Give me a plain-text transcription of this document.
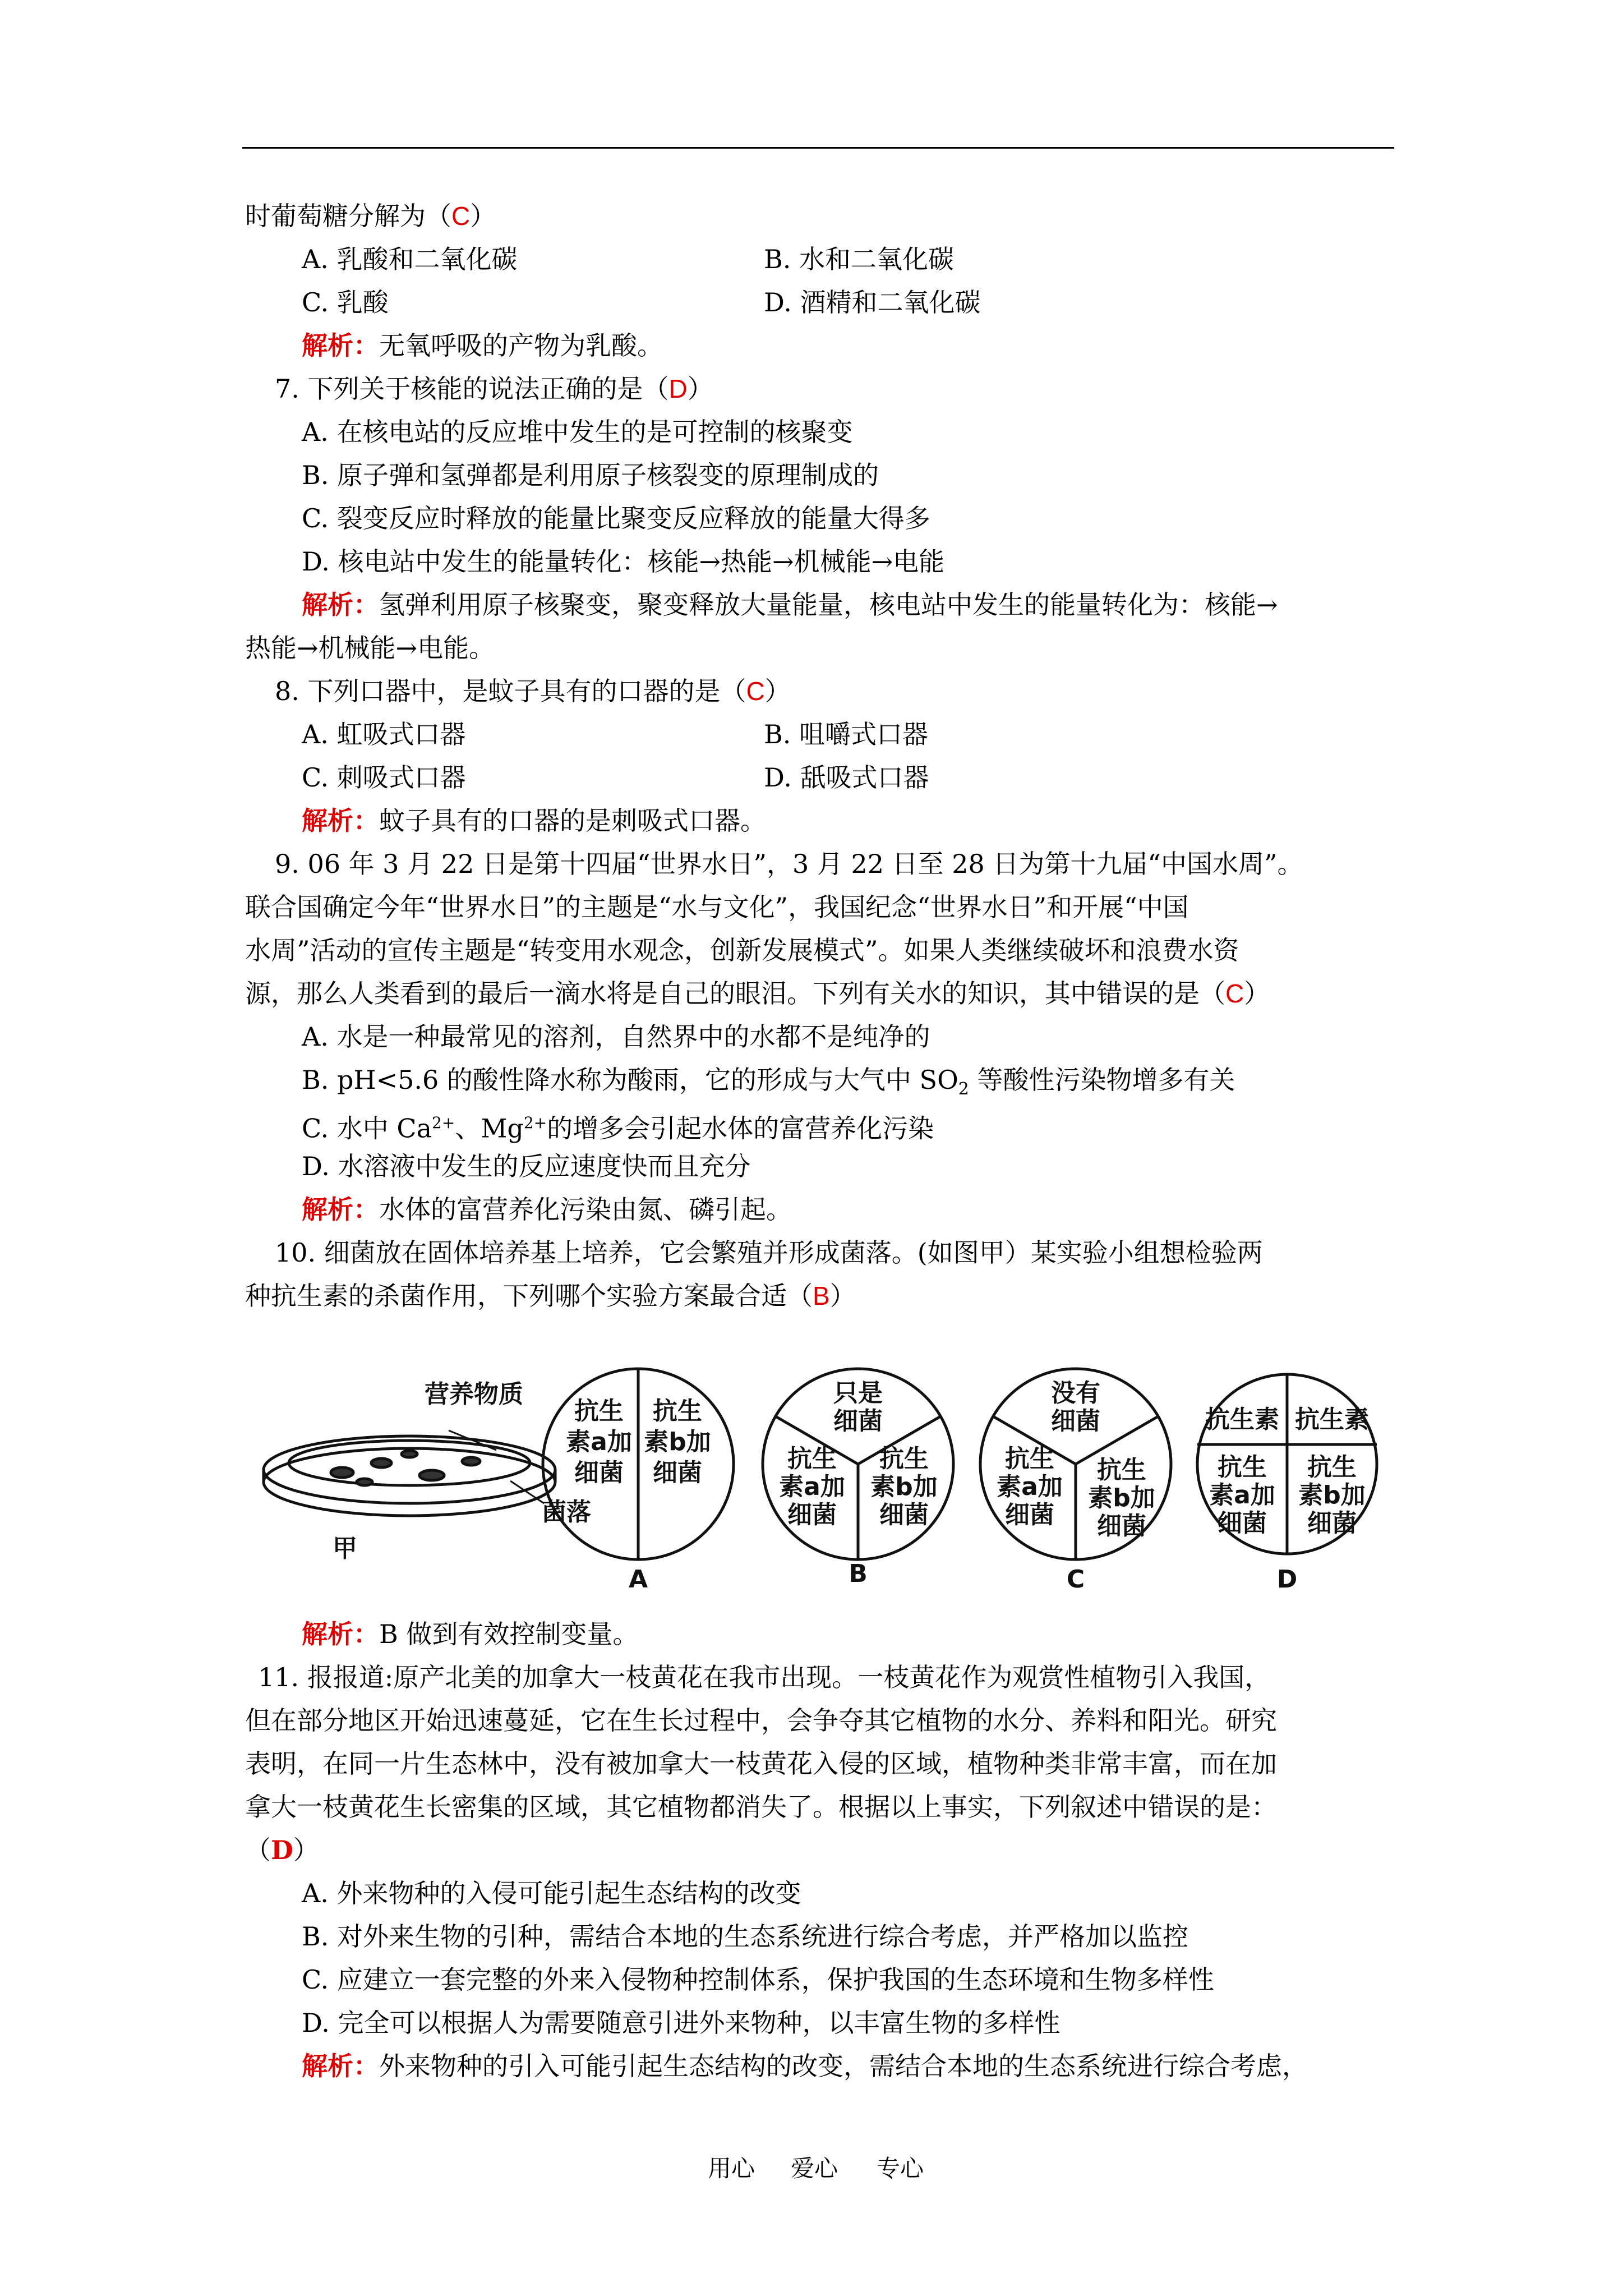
时葡萄糖分解为（C）
A. 乳酸和二氧化碳	B. 水和二氧化碳
C. 乳酸	D. 酒精和二氧化碳
解析：无氧呼吸的产物为乳酸。
7. 下列关于核能的说法正确的是（D）
A. 在核电站的反应堆中发生的是可控制的核聚变
B. 原子弹和氢弹都是利用原子核裂变的原理制成的
C. 裂变反应时释放的能量比聚变反应释放的能量大得多
D. 核电站中发生的能量转化：核能→热能→机械能→电能
解析：氢弹利用原子核聚变，聚变释放大量能量，核电站中发生的能量转化为：核能→
热能→机械能→电能。
8. 下列口器中，是蚊子具有的口器的是（C）
A. 虹吸式口器	B. 咀嚼式口器
C. 刺吸式口器	D. 舐吸式口器
解析：蚊子具有的口器的是刺吸式口器。
9. 06 年 3 月 22 日是第十四届“世界水日”，3 月 22 日至 28 日为第十九届“中国水周”。
联合国确定今年“世界水日”的主题是“水与文化”，我国纪念“世界水日”和开展“中国
水周”活动的宣传主题是“转变用水观念，创新发展模式”。如果人类继续破坏和浪费水资
源，那么人类看到的最后一滴水将是自己的眼泪。下列有关水的知识，其中错误的是（C）
A. 水是一种最常见的溶剂，自然界中的水都不是纯净的
B. pH<5.6 的酸性降水称为酸雨，它的形成与大气中 $SO_2$ 等酸性污染物增多有关
C. 水中 $Ca^{2+}$、$Mg^{2+}$的增多会引起水体的富营养化污染
D. 水溶液中发生的反应速度快而且充分
解析：水体的富营养化污染由氮、磷引起。
10. 细菌放在固体培养基上培养，它会繁殖并形成菌落。(如图甲）某实验小组想检验两
种抗生素的杀菌作用，下列哪个实验方案最合适（B）
营养物质
菌落
甲
抗生
素a加
细菌
抗生
素b加
细菌
A
只是
细菌
抗生
素a加
细菌
抗生
素b加
细菌
B
没有
细菌
抗生
素a加
细菌
抗生
素b加
细菌
C
抗生素 抗生素
抗生
素a加
细菌
抗生
素b加
细菌
D
解析：B 做到有效控制变量。
11. 报报道:原产北美的加拿大一枝黄花在我市出现。一枝黄花作为观赏性植物引入我国，
但在部分地区开始迅速蔓延，它在生长过程中，会争夺其它植物的水分、养料和阳光。研究
表明，在同一片生态林中，没有被加拿大一枝黄花入侵的区域，植物种类非常丰富，而在加
拿大一枝黄花生长密集的区域，其它植物都消失了。根据以上事实，下列叙述中错误的是：
（D）
A. 外来物种的入侵可能引起生态结构的改变
B. 对外来生物的引种，需结合本地的生态系统进行综合考虑，并严格加以监控
C. 应建立一套完整的外来入侵物种控制体系，保护我国的生态环境和生物多样性
D. 完全可以根据人为需要随意引进外来物种，以丰富生物的多样性
解析：外来物种的引入可能引起生态结构的改变，需结合本地的生态系统进行综合考虑，
用心 爱心 专心
